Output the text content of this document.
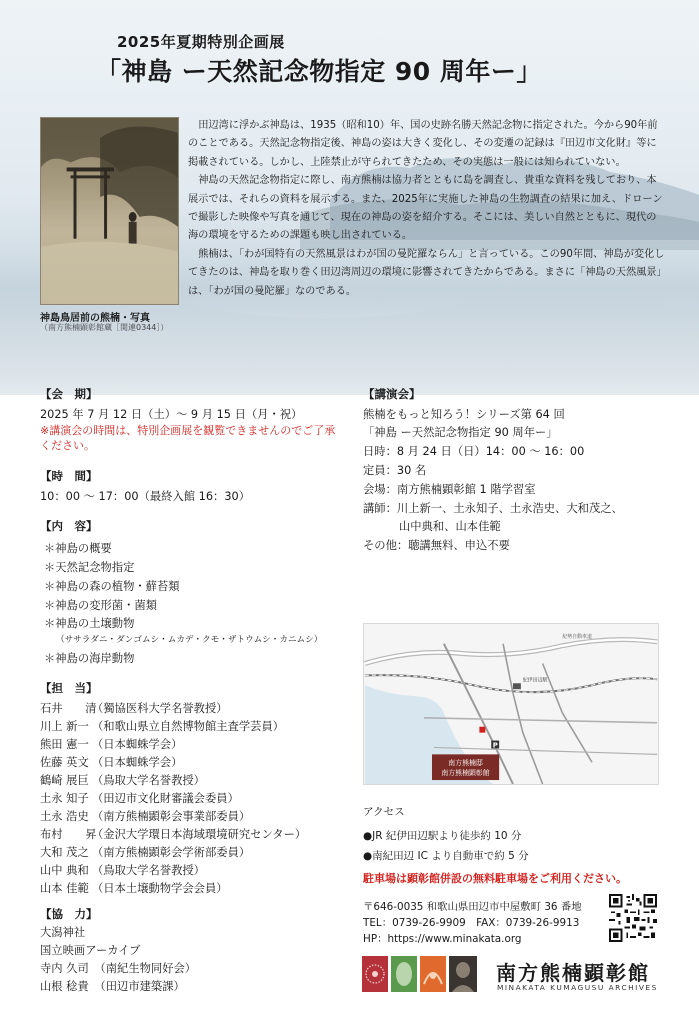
2025年夏期特別企画展
「神島 ー天然記念物指定 90 周年ー」
神島鳥居前の熊楠・写真
（南方熊楠顕彰館蔵［関連0344］）

田辺湾に浮かぶ神島は、1935（昭和10）年、国の史跡名勝天然記念物に指定された。今から90年前のことである。天然記念物指定後、神島の姿は大きく変化し、その変遷の記録は『田辺市文化財』等に掲載されている。しかし、上陸禁止が守られてきたため、その実態は一般には知られていない。

神島の天然記念物指定に際し、南方熊楠は協力者とともに島を調査し、貴重な資料を残しており、本展示では、それらの資料を展示する。また、2025年に実施した神島の生物調査の結果に加え、ドローンで撮影した映像や写真を通じて、現在の神島の姿を紹介する。そこには、美しい自然とともに、現代の海の環境を守るための課題も映し出されている。

熊楠は、「わが国特有の天然風景はわが国の曼陀羅ならん」と言っている。この90年間、神島が変化してきたのは、神島を取り巻く田辺湾周辺の環境に影響されてきたからである。まさに「神島の天然風景」は、「わが国の曼陀羅」なのである。

【会　期】
2025 年 7 月 12 日（土）～ 9 月 15 日（月・祝）
※講演会の時間は、特別企画展を観覧できませんのでご了承ください。
【時　間】
10：00 ～ 17：00（最終入館 16：30）
【内　容】
＊神島の概要
＊天然記念物指定
＊神島の森の植物・蘚苔類
＊神島の変形菌・菌類
＊神島の土壌動物
（ササラダニ・ダンゴムシ・ムカデ・クモ・ザトウムシ・カニムシ）
＊神島の海岸動物
【担　当】
石井　　清（獨協医科大学名誉教授）
川上 新一 （和歌山県立自然博物館主査学芸員）
熊田 憲一 （日本蜘蛛学会）
佐藤 英文 （日本蜘蛛学会）
鶴崎 展巨 （鳥取大学名誉教授）
土永 知子 （田辺市文化財審議会委員）
土永 浩史 （南方熊楠顕彰会事業部委員）
布村　　昇（金沢大学環日本海域環境研究センター）
大和 茂之 （南方熊楠顕彰会学術部委員）
山中 典和 （鳥取大学名誉教授）
山本 佳範 （日本土壌動物学会会員）
【協　力】
大潟神社
国立映画アーカイブ
寺内 久司　（南紀生物同好会）
山根 稔貴　（田辺市建築課）
【講演会】
熊楠をもっと知ろう！シリーズ第 64 回
「神島 ー天然記念物指定 90 周年ー」
日時：8 月 24 日（日）14：00 ～ 16：00
定員：30 名
会場：南方熊楠顕彰館 1 階学習室
講師：川上新一、土永知子、土永浩史、大和茂之、
山中典和、山本佳範
その他：聴講無料、申込不要
紀伊田辺駅
紀勢自動車道
P
南方熊楠邸
南方熊楠顕彰館
アクセス
●JR 紀伊田辺駅より徒歩約 10 分
●南紀田辺 IC より自動車で約 5 分
駐車場は顕彰館併設の無料駐車場をご利用ください。
〒646-0035 和歌山県田辺市中屋敷町 36 番地
TEL：0739-26-9909　FAX：0739-26-9913
HP：https://www.minakata.org
南方熊楠顕彰館
MINAKATA KUMAGUSU ARCHIVES
